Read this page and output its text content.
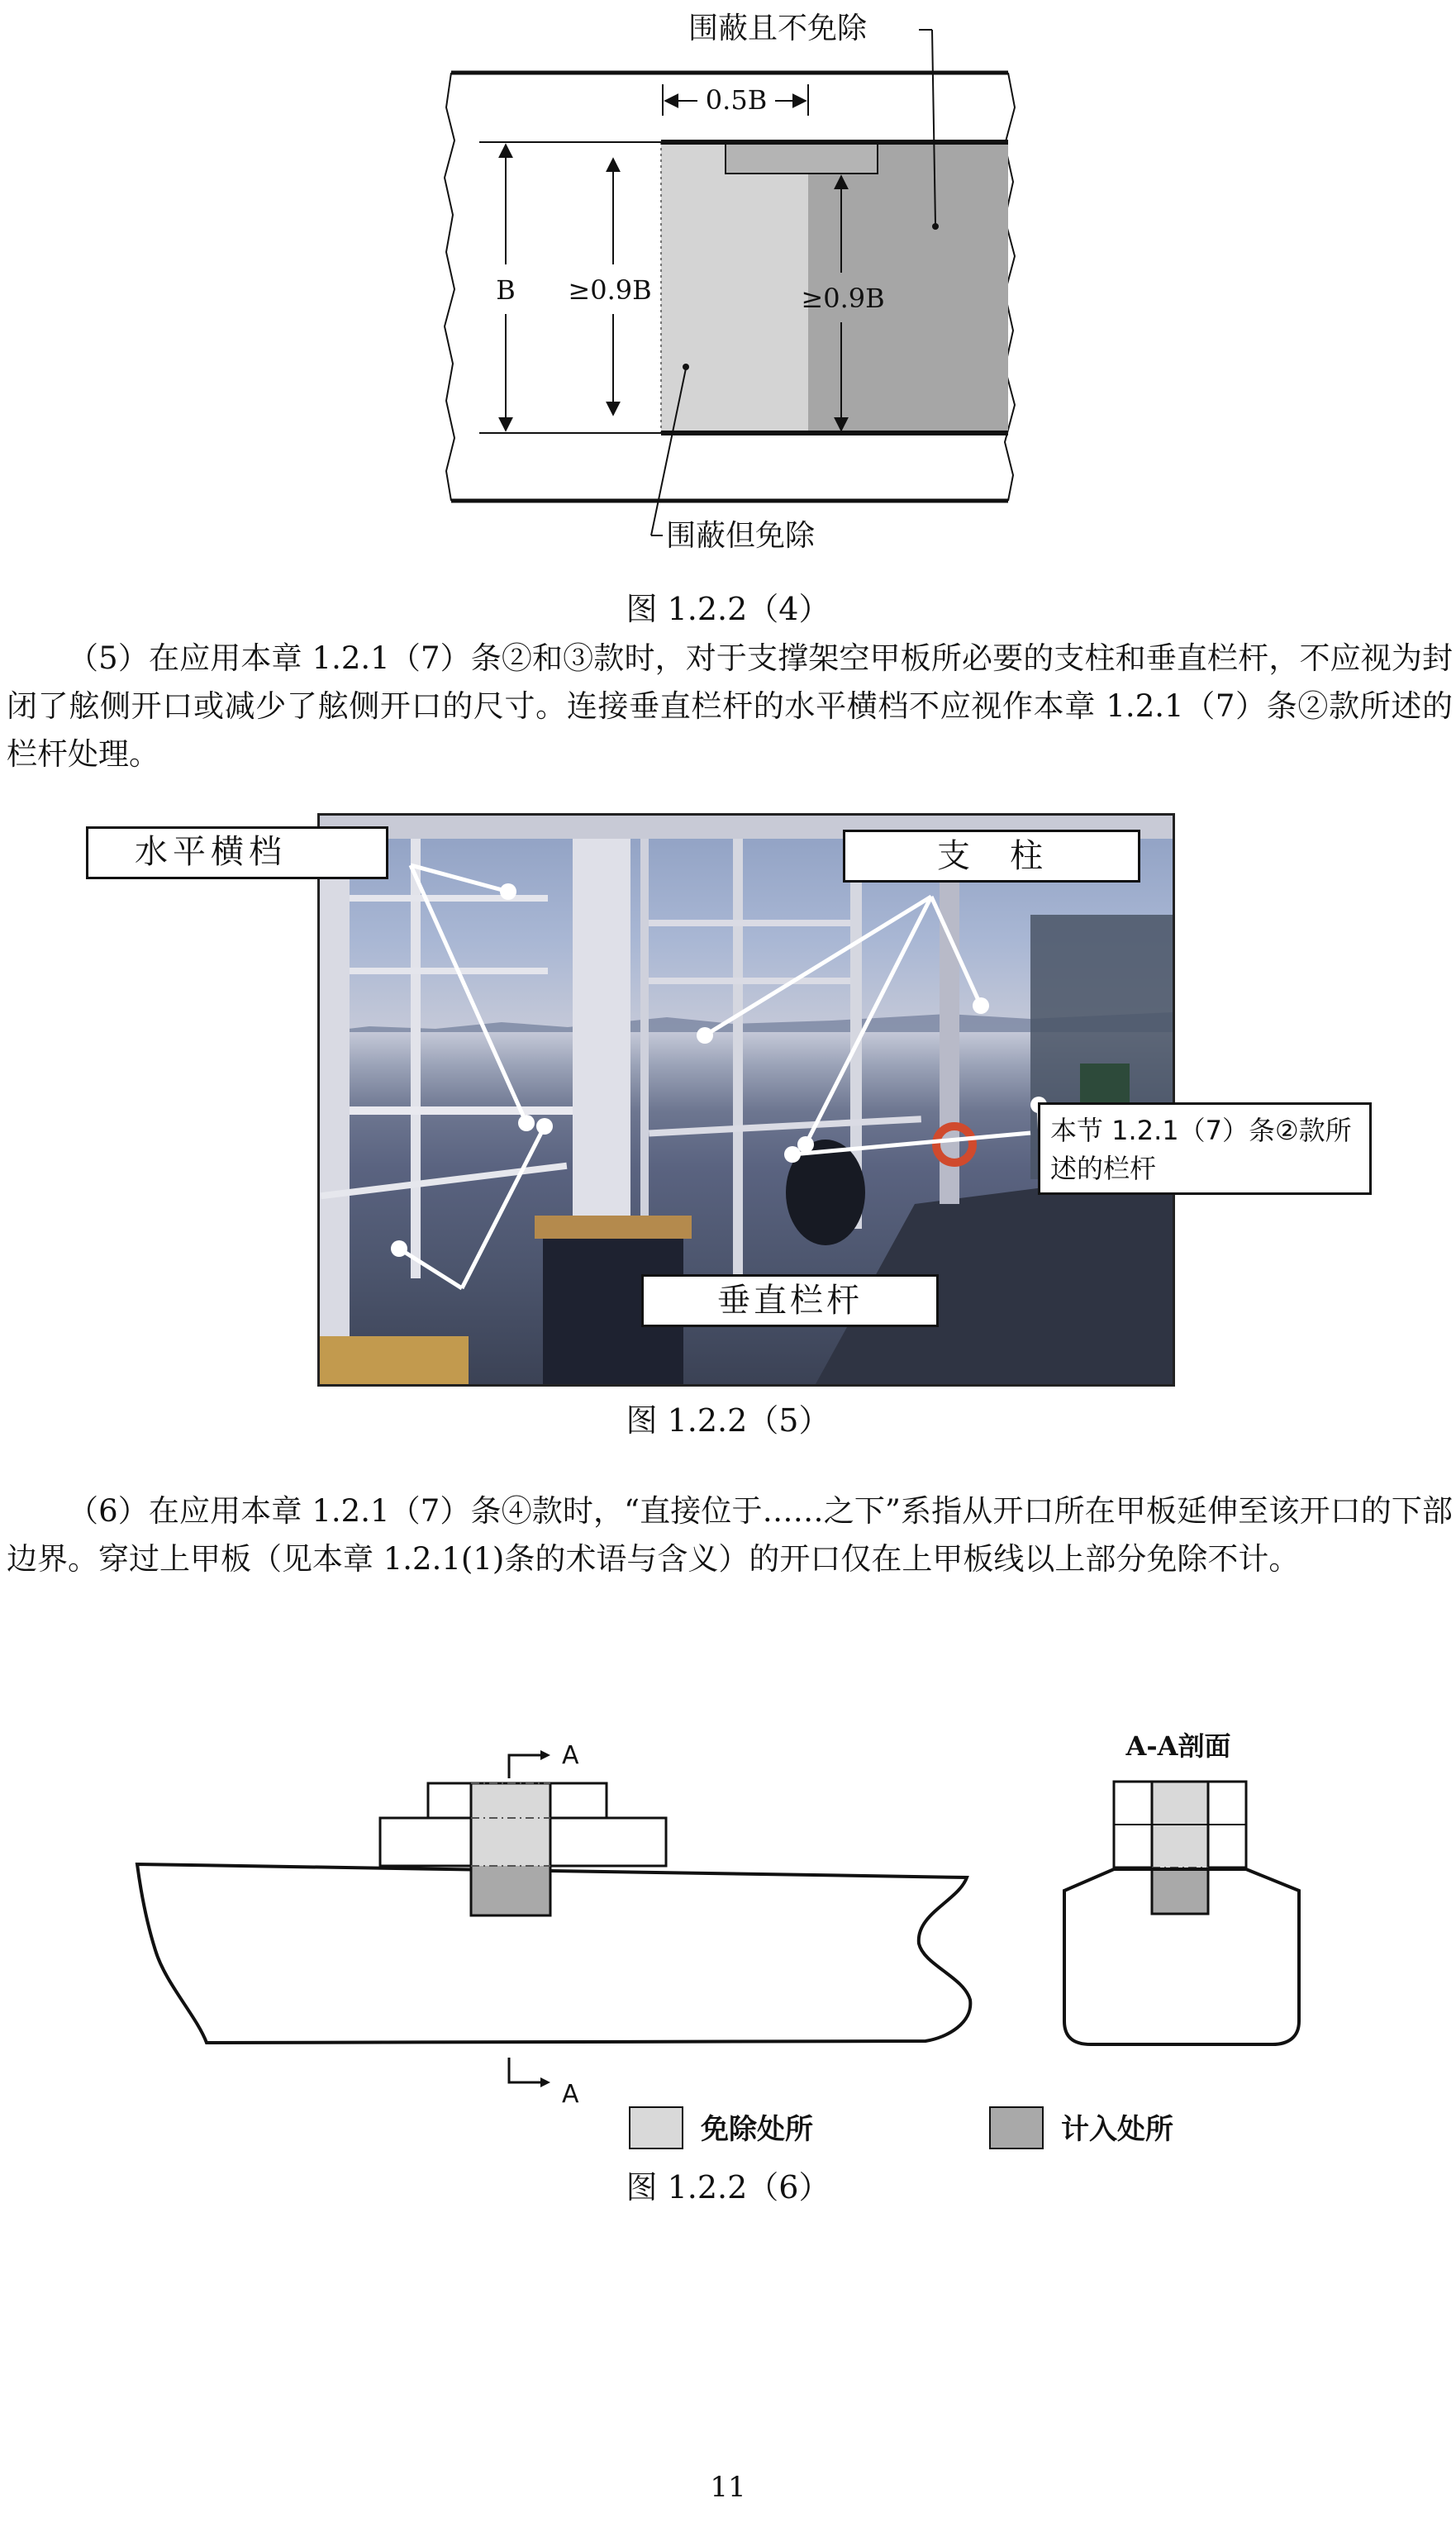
围蔽且不免除
围蔽但免除
0.5B
B ≥0.9B	≥0.9B
图 1.2.2（4）

（5）在应用本章 1.2.1（7）条②和③款时，对于支撑架空甲板所必要的支柱和垂直栏杆，不应视为封闭了舷侧开口或减少了舷侧开口的尺寸。连接垂直栏杆的水平横档不应视作本章 1.2.1（7）条②款所述的栏杆处理。

水平横档	支　柱
本节 1.2.1（7）条②款所述的栏杆
垂直栏杆
图 1.2.2（5）

（6）在应用本章 1.2.1（7）条④款时，“直接位于……之下”系指从开口所在甲板延伸至该开口的下部边界。穿过上甲板（见本章 1.2.1(1)条的术语与含义）的开口仅在上甲板线以上部分免除不计。

A
A
A-A剖面
免除处所	计入处所
图 1.2.2（6）
11
